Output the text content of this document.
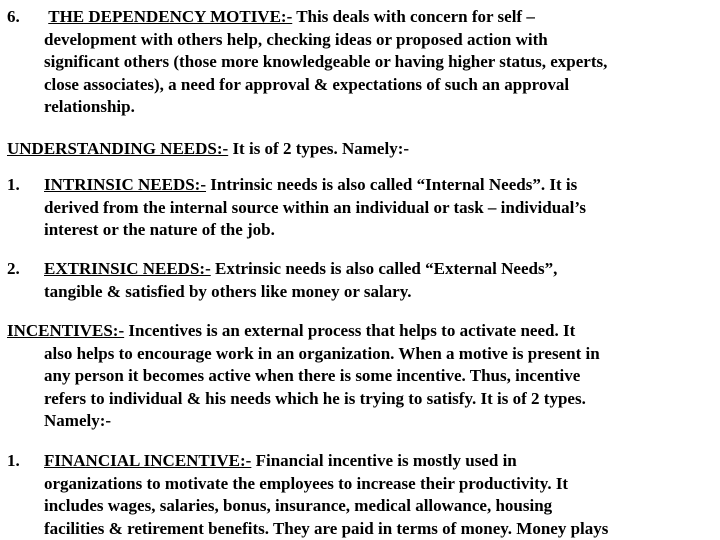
6. THE DEPENDENCY MOTIVE:- This deals with concern for self –
development with others help, checking ideas or proposed action with
significant others (those more knowledgeable or having higher status, experts,
close associates), a need for approval & expectations of such an approval
relationship.
UNDERSTANDING NEEDS:- It is of 2 types. Namely:-
1. INTRINSIC NEEDS:- Intrinsic needs is also called “Internal Needs”. It is
derived from the internal source within an individual or task – individual’s
interest or the nature of the job.
2. EXTRINSIC NEEDS:- Extrinsic needs is also called “External Needs”,
tangible & satisfied by others like money or salary.
INCENTIVES:- Incentives is an external process that helps to activate need. It
also helps to encourage work in an organization. When a motive is present in
any person it becomes active when there is some incentive. Thus, incentive
refers to individual & his needs which he is trying to satisfy. It is of 2 types.
Namely:-
1. FINANCIAL INCENTIVE:- Financial incentive is mostly used in
organizations to motivate the employees to increase their productivity. It
includes wages, salaries, bonus, insurance, medical allowance, housing
facilities & retirement benefits. They are paid in terms of money. Money plays
